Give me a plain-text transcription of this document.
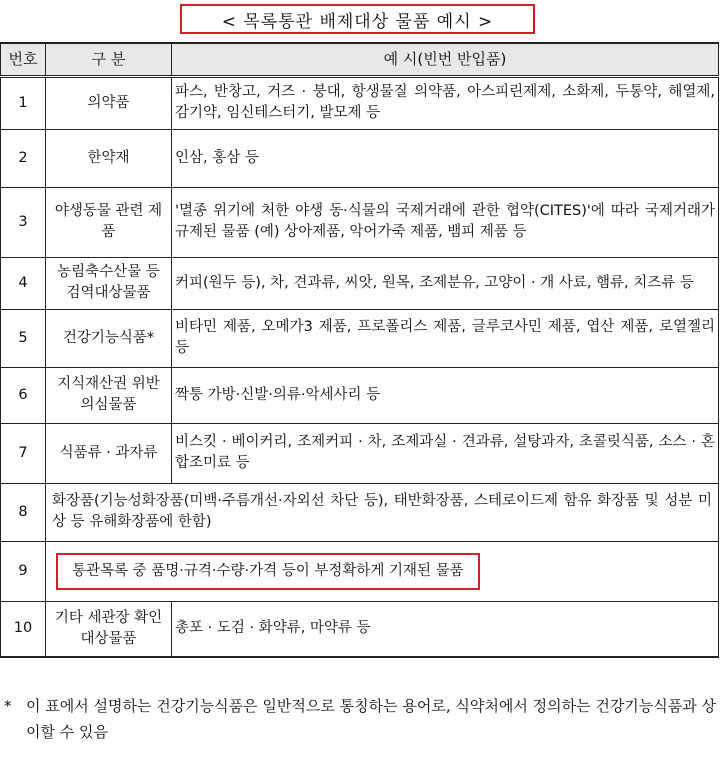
< 목록통관 배제대상 물품 예시 >
번호	구 분	예 시(빈번 반입품)
1	의약품	파스, 반창고, 거즈 · 붕대, 항생물질 의약품, 아스피린제제, 소화제, 두통약, 해열제, 감기약, 임신테스터기, 발모제 등
2	한약재	인삼, 홍삼 등
3	야생동물 관련 제품	'멸종 위기에 처한 야생 동·식물의 국제거래에 관한 협약(CITES)'에 따라 국제거래가 규제된 물품 (예) 상아제품, 악어가죽 제품, 뱀피 제품 등
4	농림축수산물 등 검역대상물품	커피(원두 등), 차, 견과류, 씨앗, 원목, 조제분유, 고양이 · 개 사료, 햄류, 치즈류 등
5	건강기능식품*	비타민 제품, 오메가3 제품, 프로폴리스 제품, 글루코사민 제품, 엽산 제품, 로열젤리 등
6	지식재산권 위반 의심물품	짝퉁 가방·신발·의류·악세사리 등
7	식품류 · 과자류	비스킷 · 베이커리, 조제커피 · 차, 조제과실 · 견과류, 설탕과자, 초콜릿식품, 소스 · 혼합조미료 등
8	화장품(기능성화장품(미백·주름개선·자외선 차단 등), 태반화장품, 스테로이드제 함유 화장품 및 성분 미상 등 유해화장품에 한함)	
9	통관목록 중 품명·규격·수량·가격 등이 부정확하게 기재된 물품	
10	기타 세관장 확인대상물품	총포 · 도검 · 화약류, 마약류 등
* 이 표에서 설명하는 건강기능식품은 일반적으로 통칭하는 용어로, 식약처에서 정의하는 건강기능식품과 상이할 수 있음
